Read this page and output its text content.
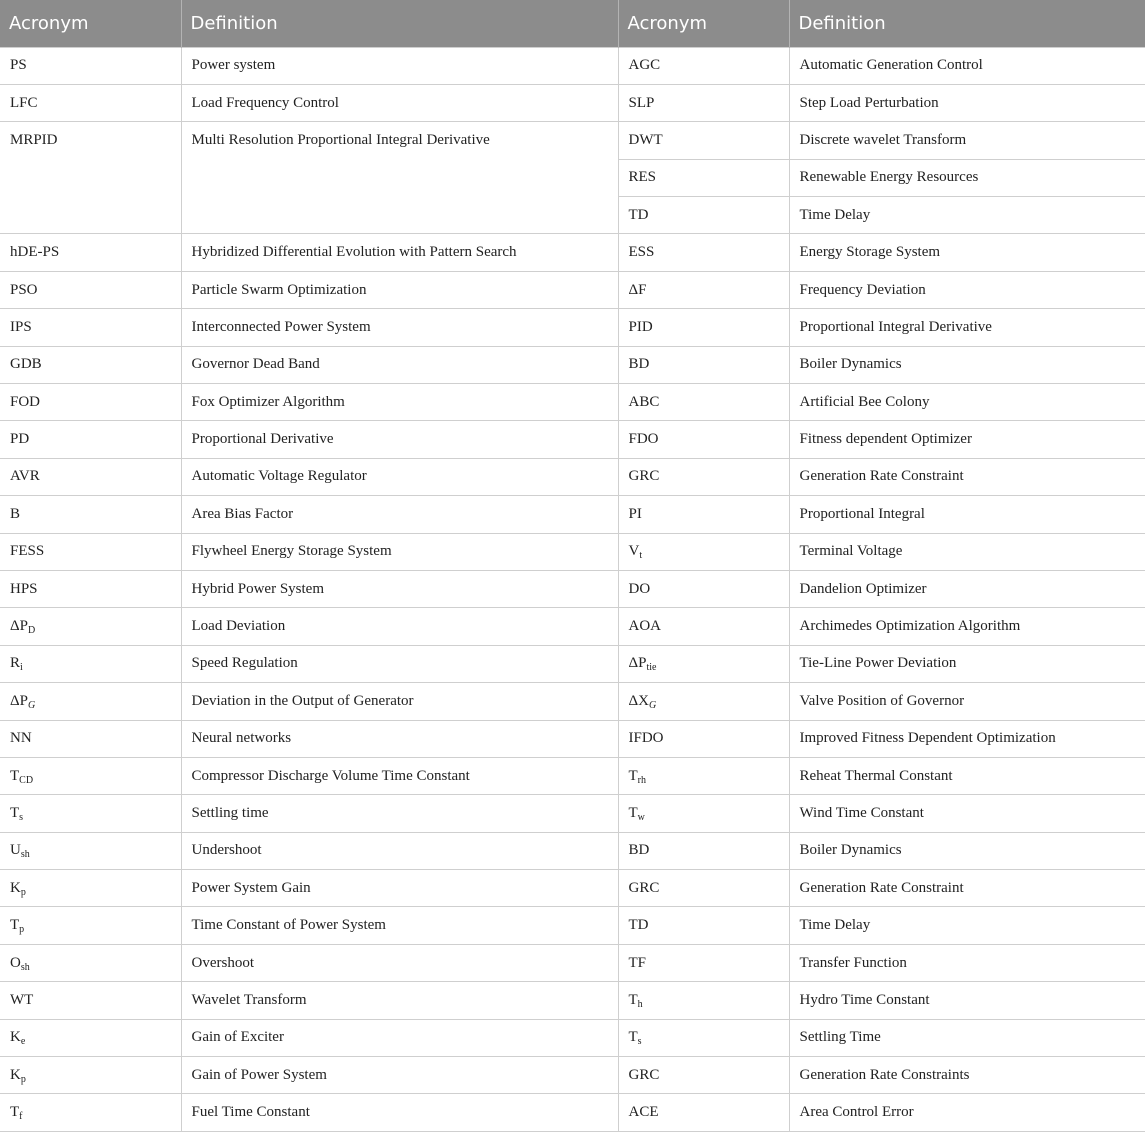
Acronym	Definition	Acronym	Definition
PS	Power system	AGC	Automatic Generation Control
LFC	Load Frequency Control	SLP	Step Load Perturbation
MRPID	Multi Resolution Proportional Integral Derivative	DWT	Discrete wavelet Transform
		RES	Renewable Energy Resources
		TD	Time Delay
hDE-PS	Hybridized Differential Evolution with Pattern Search	ESS	Energy Storage System
PSO	Particle Swarm Optimization	ΔF	Frequency Deviation
IPS	Interconnected Power System	PID	Proportional Integral Derivative
GDB	Governor Dead Band	BD	Boiler Dynamics
FOD	Fox Optimizer Algorithm	ABC	Artificial Bee Colony
PD	Proportional Derivative	FDO	Fitness dependent Optimizer
AVR	Automatic Voltage Regulator	GRC	Generation Rate Constraint
B	Area Bias Factor	PI	Proportional Integral
FESS	Flywheel Energy Storage System	$V_t$	Terminal Voltage
HPS	Hybrid Power System	DO	Dandelion Optimizer
$\Delta P_D$	Load Deviation	AOA	Archimedes Optimization Algorithm
$R_i$	Speed Regulation	$\Delta P_{tie}$	Tie-Line Power Deviation
$\Delta P_G$	Deviation in the Output of Generator	$\Delta X_G$	Valve Position of Governor
NN	Neural networks	IFDO	Improved Fitness Dependent Optimization
$T_{CD}$	Compressor Discharge Volume Time Constant	$T_{rh}$	Reheat Thermal Constant
$T_s$	Settling time	$T_w$	Wind Time Constant
$U_{sh}$	Undershoot	BD	Boiler Dynamics
$K_p$	Power System Gain	GRC	Generation Rate Constraint
$T_p$	Time Constant of Power System	TD	Time Delay
$O_{sh}$	Overshoot	TF	Transfer Function
WT	Wavelet Transform	$T_h$	Hydro Time Constant
$K_e$	Gain of Exciter	$T_s$	Settling Time
$K_p$	Gain of Power System	GRC	Generation Rate Constraints
$T_f$	Fuel Time Constant	ACE	Area Control Error
